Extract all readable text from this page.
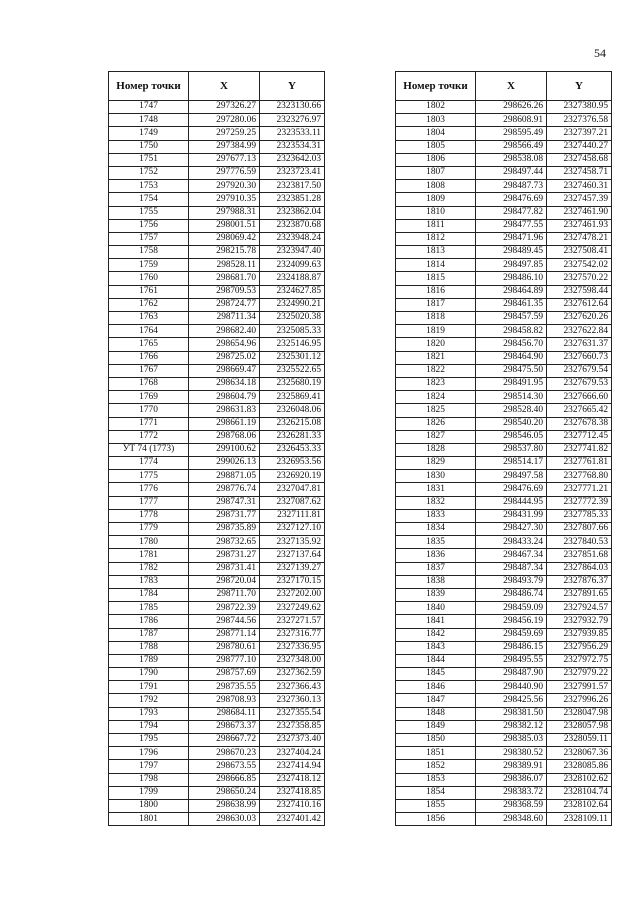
54
Номер точки	X	Y
1747	297326.27	2323130.66
1748	297280.06	2323276.97
1749	297259.25	2323533.11
1750	297384.99	2323534.31
1751	297677.13	2323642.03
1752	297776.59	2323723.41
1753	297920.30	2323817.50
1754	297910.35	2323851.28
1755	297988.31	2323862.04
1756	298001.51	2323870.68
1757	298069.42	2323948.24
1758	298215.78	2323947.40
1759	298528.11	2324099.63
1760	298681.70	2324188.87
1761	298709.53	2324627.85
1762	298724.77	2324990.21
1763	298711.34	2325020.38
1764	298682.40	2325085.33
1765	298654.96	2325146.95
1766	298725.02	2325301.12
1767	298669.47	2325522.65
1768	298634.18	2325680.19
1769	298604.79	2325869.41
1770	298631.83	2326048.06
1771	298661.19	2326215.08
1772	298768.06	2326281.33
УТ 74 (1773)	299100.62	2326453.33
1774	299026.13	2326953.56
1775	298871.05	2326920.19
1776	298776.74	2327047.81
1777	298747.31	2327087.62
1778	298731.77	2327111.81
1779	298735.89	2327127.10
1780	298732.65	2327135.92
1781	298731.27	2327137.64
1782	298731.41	2327139.27
1783	298720.04	2327170.15
1784	298711.70	2327202.00
1785	298722.39	2327249.62
1786	298744.56	2327271.57
1787	298771.14	2327316.77
1788	298780.61	2327336.95
1789	298777.10	2327348.00
1790	298757.69	2327362.59
1791	298735.55	2327366.43
1792	298708.93	2327360.13
1793	298684.11	2327355.54
1794	298673.37	2327358.85
1795	298667.72	2327373.40
1796	298670.23	2327404.24
1797	298673.55	2327414.94
1798	298666.85	2327418.12
1799	298650.24	2327418.85
1800	298638.99	2327410.16
1801	298630.03	2327401.42
Номер точки	X	Y
1802	298626.26	2327380.95
1803	298608.91	2327376.58
1804	298595.49	2327397.21
1805	298566.49	2327440.27
1806	298538.08	2327458.68
1807	298497.44	2327458.71
1808	298487.73	2327460.31
1809	298476.69	2327457.39
1810	298477.82	2327461.90
1811	298477.55	2327461.93
1812	298471.96	2327478.21
1813	298489.45	2327508.41
1814	298497.85	2327542.02
1815	298486.10	2327570.22
1816	298464.89	2327598.44
1817	298461.35	2327612.64
1818	298457.59	2327620.26
1819	298458.82	2327622.84
1820	298456.70	2327631.37
1821	298464.90	2327660.73
1822	298475.50	2327679.54
1823	298491.95	2327679.53
1824	298514.30	2327666.60
1825	298528.40	2327665.42
1826	298540.20	2327678.38
1827	298546.05	2327712.45
1828	298537.80	2327741.82
1829	298514.17	2327761.81
1830	298497.58	2327768.80
1831	298476.69	2327771.21
1832	298444.95	2327772.39
1833	298431.99	2327785.33
1834	298427.30	2327807.66
1835	298433.24	2327840.53
1836	298467.34	2327851.68
1837	298487.34	2327864.03
1838	298493.79	2327876.37
1839	298486.74	2327891.65
1840	298459.09	2327924.57
1841	298456.19	2327932.79
1842	298459.69	2327939.85
1843	298486.15	2327956.29
1844	298495.55	2327972.75
1845	298487.90	2327979.22
1846	298440.90	2327991.57
1847	298425.56	2327996.26
1848	298381.50	2328047.98
1849	298382.12	2328057.98
1850	298385.03	2328059.11
1851	298380.52	2328067.36
1852	298389.91	2328085.86
1853	298386.07	2328102.62
1854	298383.72	2328104.74
1855	298368.59	2328102.64
1856	298348.60	2328109.11
